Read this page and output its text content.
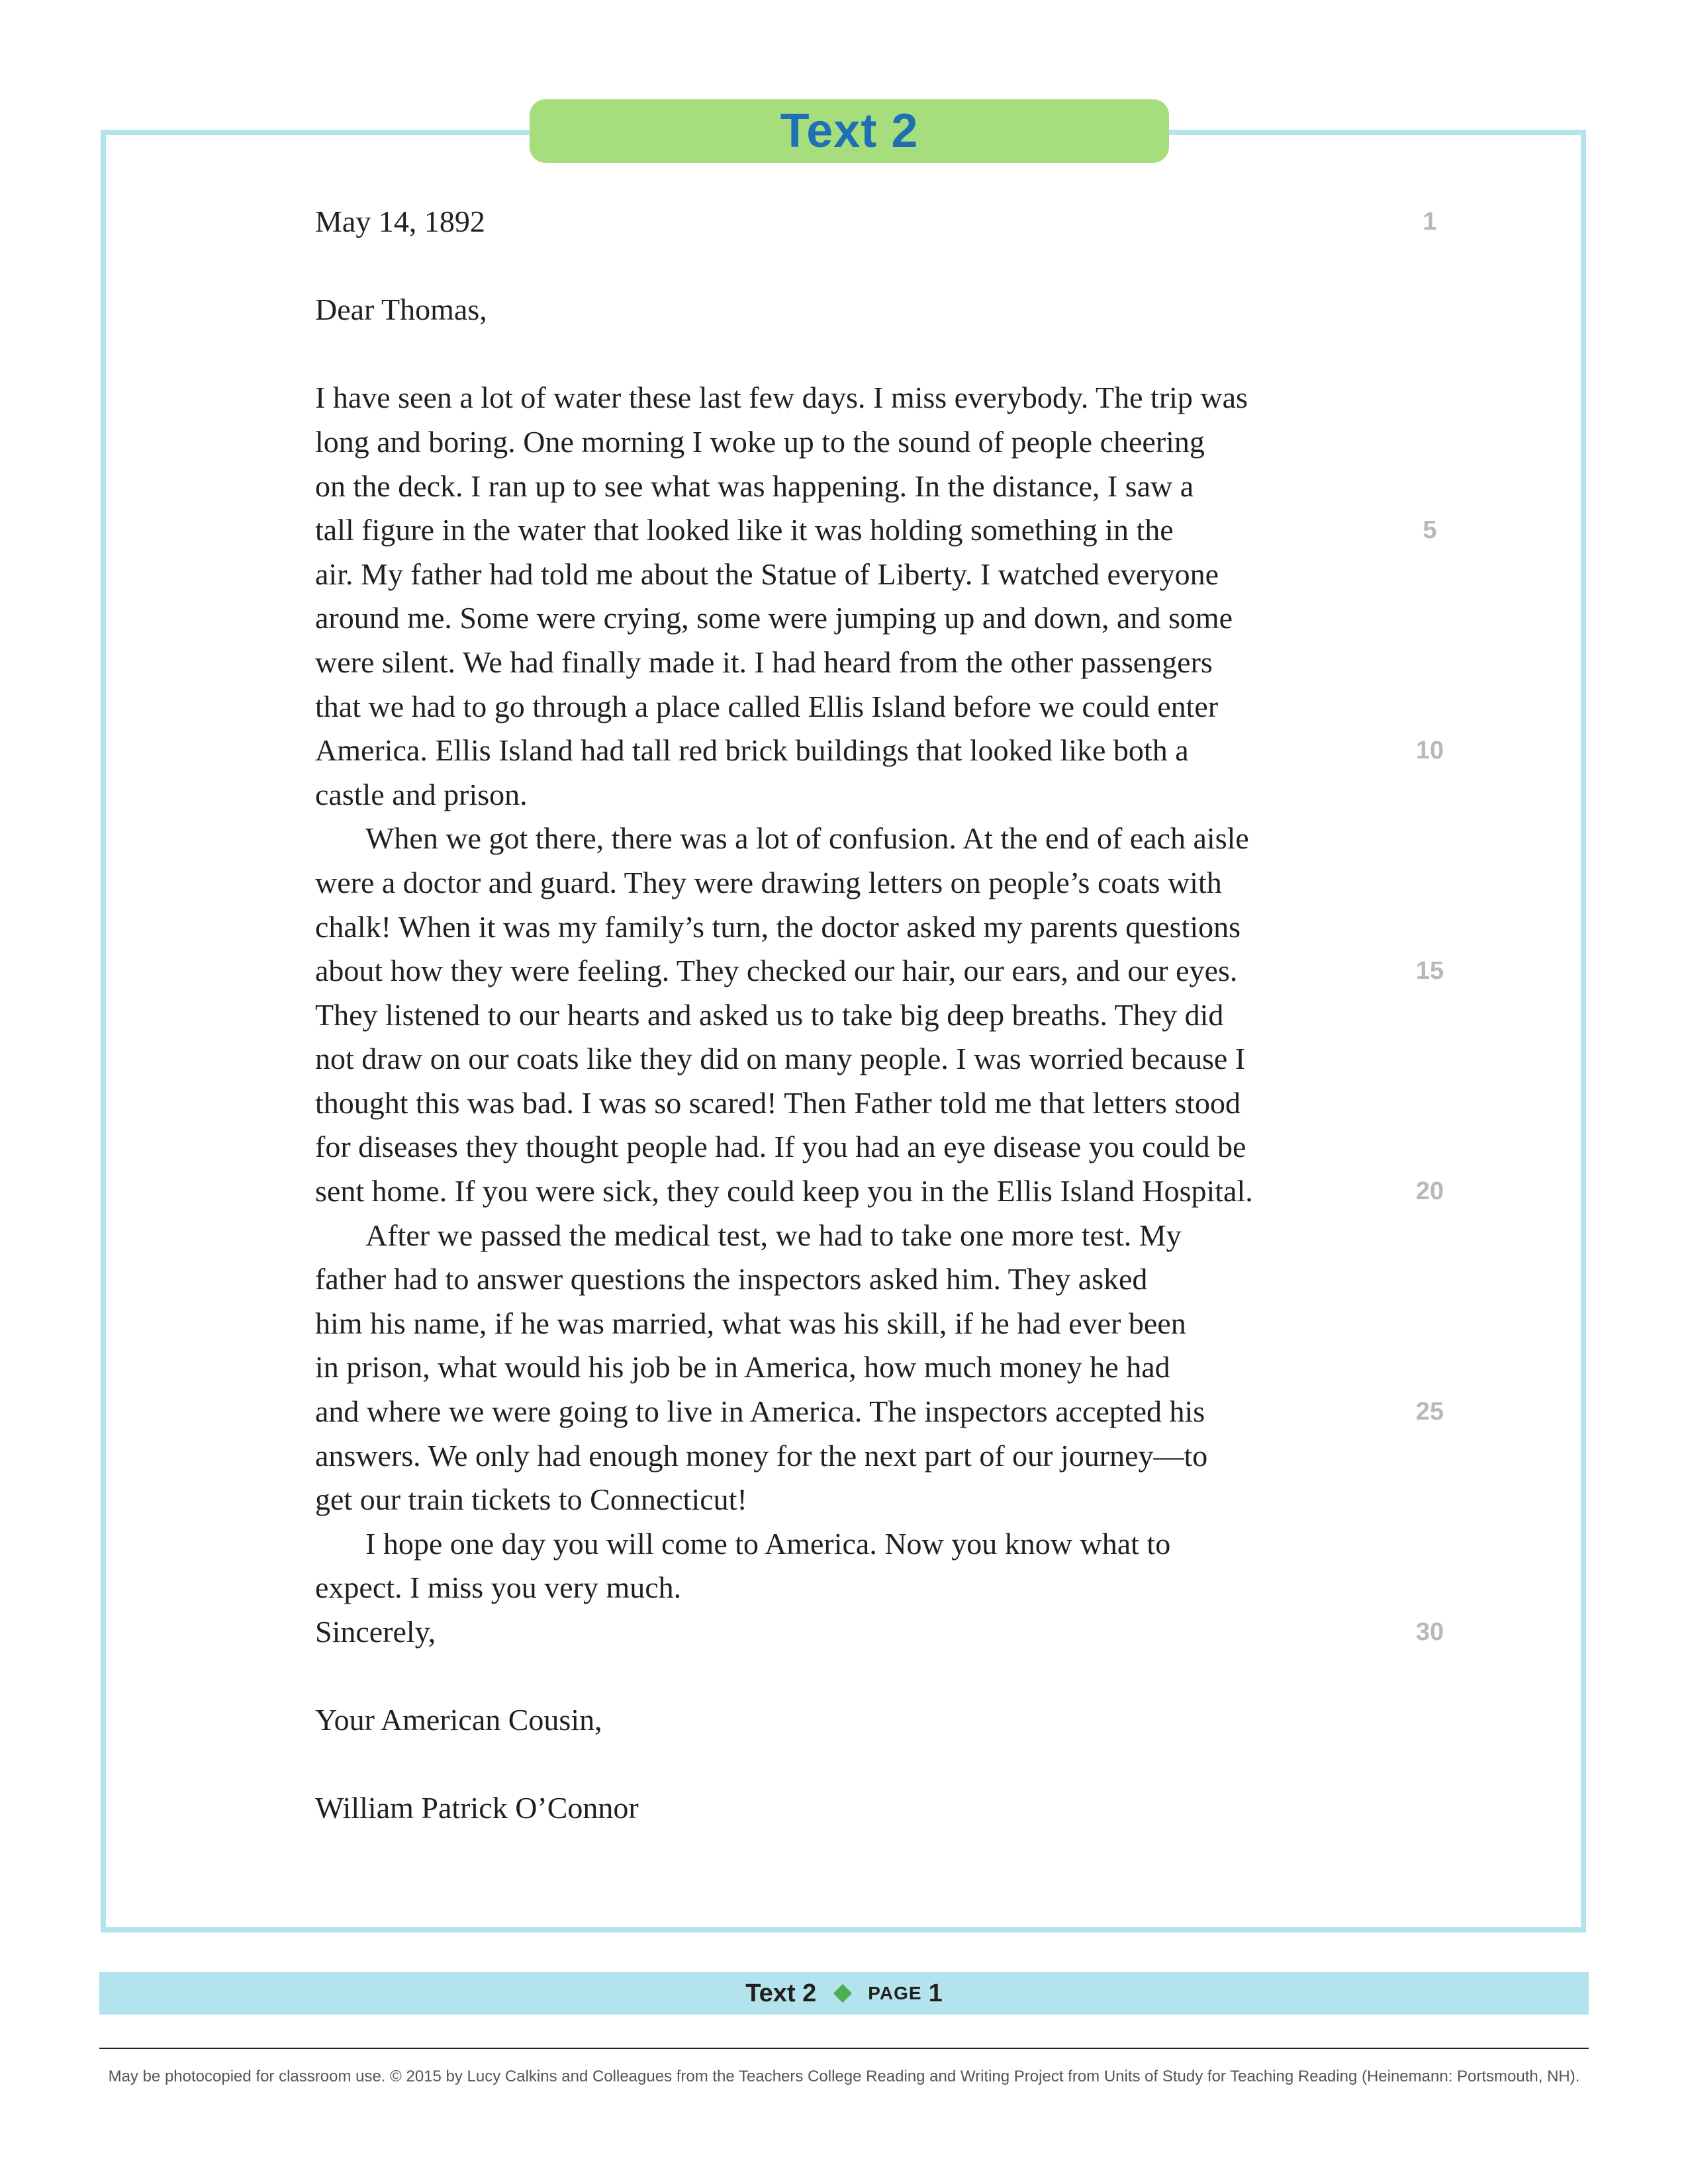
Text 2
May 14, 1892
Dear Thomas,
I have seen a lot of water these last few days. I miss everybody. The trip was
long and boring. One morning I woke up to the sound of people cheering
on the deck. I ran up to see what was happening. In the distance, I saw a
tall figure in the water that looked like it was holding something in the
air. My father had told me about the Statue of Liberty. I watched everyone
around me. Some were crying, some were jumping up and down, and some
were silent. We had finally made it. I had heard from the other passengers
that we had to go through a place called Ellis Island before we could enter
America. Ellis Island had tall red brick buildings that looked like both a
castle and prison.
When we got there, there was a lot of confusion. At the end of each aisle
were a doctor and guard. They were drawing letters on people’s coats with
chalk! When it was my family’s turn, the doctor asked my parents questions
about how they were feeling. They checked our hair, our ears, and our eyes.
They listened to our hearts and asked us to take big deep breaths. They did
not draw on our coats like they did on many people. I was worried because I
thought this was bad. I was so scared! Then Father told me that letters stood
for diseases they thought people had. If you had an eye disease you could be
sent home. If you were sick, they could keep you in the Ellis Island Hospital.
After we passed the medical test, we had to take one more test. My
father had to answer questions the inspectors asked him. They asked
him his name, if he was married, what was his skill, if he had ever been
in prison, what would his job be in America, how much money he had
and where we were going to live in America. The inspectors accepted his
answers. We only had enough money for the next part of our journey—to
get our train tickets to Connecticut!
I hope one day you will come to America. Now you know what to
expect. I miss you very much.
Sincerely,
Your American Cousin,
William Patrick O’Connor
1
5
10
15
20
25
30
Text 2	PAGE 1
May be photocopied for classroom use. © 2015 by Lucy Calkins and Colleagues from the Teachers College Reading and Writing Project from Units of Study for Teaching Reading (Heinemann: Portsmouth, NH).
